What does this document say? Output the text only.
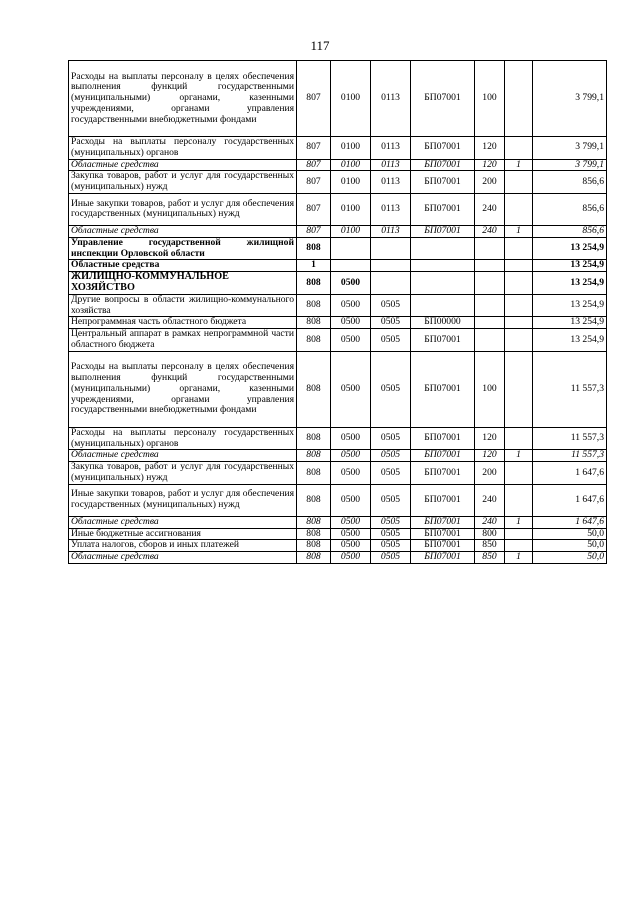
117
Расходы на выплаты персоналу в целях обеспечения выполнения функций государственными (муниципальными) органами, казенными учреждениями, органами управления государственными внебюджетными фондами	807	0100	0113	БП07001	100		3 799,1
Расходы на выплаты персоналу государственных (муниципальных) органов	807	0100	0113	БП07001	120		3 799,1
Областные средства	807	0100	0113	БП07001	120	1	3 799,1
Закупка товаров, работ и услуг для государственных (муниципальных) нужд	807	0100	0113	БП07001	200		856,6
Иные закупки товаров, работ и услуг для обеспечения государственных (муниципальных) нужд	807	0100	0113	БП07001	240		856,6
Областные средства	807	0100	0113	БП07001	240	1	856,6
Управление государственной жилищной инспекции Орловской области	808						13 254,9
Областные средства	1						13 254,9
ЖИЛИЩНО-КОММУНАЛЬНОЕ ХОЗЯЙСТВО	808	0500					13 254,9
Другие вопросы в области жилищно-коммунального хозяйства	808	0500	0505				13 254,9
Непрограммная часть областного бюджета	808	0500	0505	БП00000			13 254,9
Центральный аппарат в рамках непрограммной части областного бюджета	808	0500	0505	БП07001			13 254,9
Расходы на выплаты персоналу в целях обеспечения выполнения функций государственными (муниципальными) органами, казенными учреждениями, органами управления государственными внебюджетными фондами	808	0500	0505	БП07001	100		11 557,3
Расходы на выплаты персоналу государственных (муниципальных) органов	808	0500	0505	БП07001	120		11 557,3
Областные средства	808	0500	0505	БП07001	120	1	11 557,3
Закупка товаров, работ и услуг для государственных (муниципальных) нужд	808	0500	0505	БП07001	200		1 647,6
Иные закупки товаров, работ и услуг для обеспечения государственных (муниципальных) нужд	808	0500	0505	БП07001	240		1 647,6
Областные средства	808	0500	0505	БП07001	240	1	1 647,6
Иные бюджетные ассигнования	808	0500	0505	БП07001	800		50,0
Уплата налогов, сборов и иных платежей	808	0500	0505	БП07001	850		50,0
Областные средства	808	0500	0505	БП07001	850	1	50,0
